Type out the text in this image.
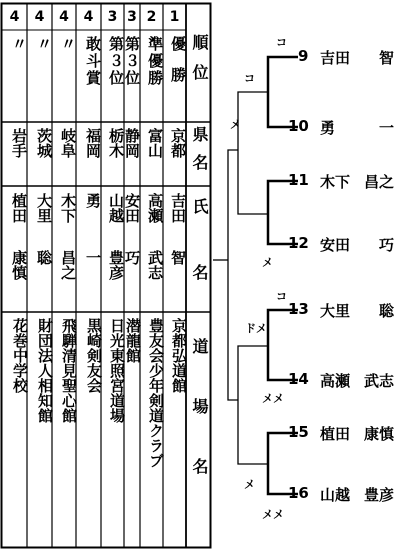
順位
県名
氏名
道場名
1
優勝
京都
吉田
智
京都弘道館
2
準優勝
富山
高瀬
武志
豊友会少年剣道クラブ
3
第３位
静岡
安田
巧
潜龍館
3
第３位
栃木
山越
豊彦
日光東照宮道場
4
敢斗賞
福岡
勇
一
黒崎剣友会
4
〃
岐阜
木下
昌之
飛騨清見聖心館
4
〃
茨城
大里
聡
財団法人相知館
4
〃
岩手
植田
康慎
花巻中学校
9 吉田 智
10 勇	一
11 木下 昌之
12 安田 巧
13 大里 聡
14 高瀬 武志
15 植田 康慎
16 山越 豊彦
コ
コ
メ
メ
コ
ドメ
メメ
メ
メメ
